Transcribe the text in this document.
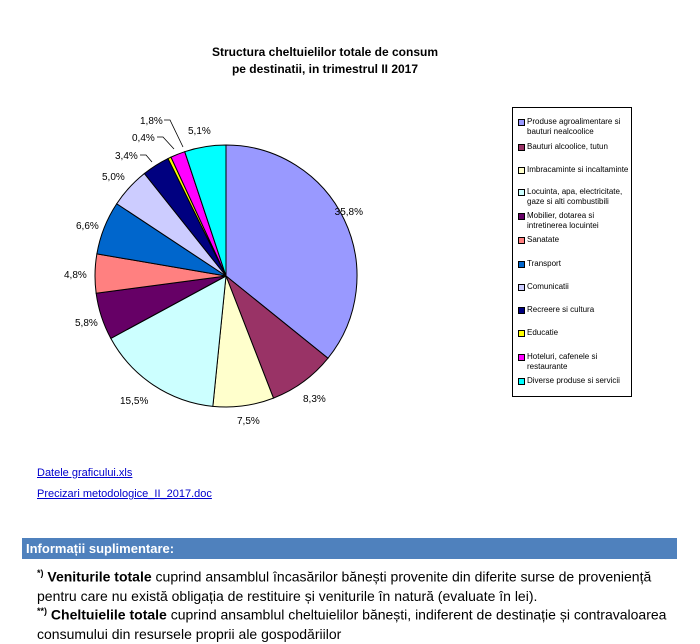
Structura cheltuielilor totale de consum
pe destinatii, in trimestrul II 2017
35,8%
8,3%
7,5%
15,5%
5,8%
4,8%
6,6%
5,0%
3,4%
0,4%
1,8%
5,1%
Produse agroalimentare si bauturi nealcoolice
Bauturi alcoolice, tutun
Imbracaminte si incaltaminte
Locuinta, apa, electricitate, gaze si alti combustibili
Mobilier, dotarea si intretinerea locuintei
Sanatate
Transport
Comunicatii
Recreere si cultura
Educatie
Hoteluri, cafenele si restaurante
Diverse produse si servicii
Datele graficului.xls
Precizari metodologice_II_2017.doc
Informații suplimentare:
*) Veniturile totale cuprind ansamblul încasărilor bănești provenite din diferite surse de proveniență pentru care nu există obligația de restituire și veniturile în natură (evaluate în lei).
**) Cheltuielile totale cuprind ansamblul cheltuielilor bănești, indiferent de destinație și contravaloarea consumului din resursele proprii ale gospodăriilor
